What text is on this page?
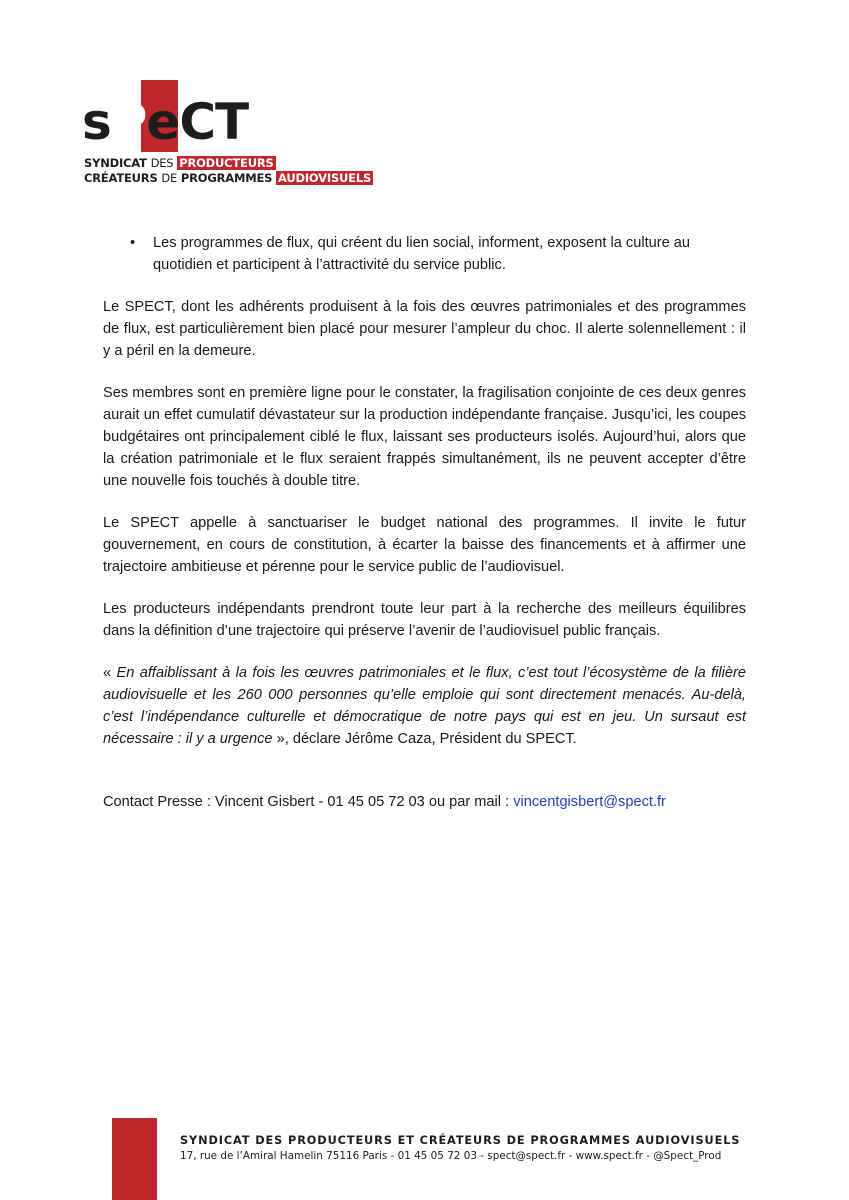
sPeCT
SYNDICAT DES PRODUCTEURS
CRÉATEURS DE PROGRAMMES AUDIOVISUELS
• Les programmes de flux, qui créent du lien social, informent, exposent la culture au quotidien et participent à l’attractivité du service public.

Le SPECT, dont les adhérents produisent à la fois des œuvres patrimoniales et des programmes de flux, est particulièrement bien placé pour mesurer l’ampleur du choc. Il alerte solennellement : il y a péril en la demeure.

Ses membres sont en première ligne pour le constater, la fragilisation conjointe de ces deux genres aurait un effet cumulatif dévastateur sur la production indépendante française. Jusqu’ici, les coupes budgétaires ont principalement ciblé le flux, laissant ses producteurs isolés. Aujourd’hui, alors que la création patrimoniale et le flux seraient frappés simultanément, ils ne peuvent accepter d’être une nouvelle fois touchés à double titre.

Le SPECT appelle à sanctuariser le budget national des programmes. Il invite le futur gouvernement, en cours de constitution, à écarter la baisse des financements et à affirmer une trajectoire ambitieuse et pérenne pour le service public de l’audiovisuel.

Les producteurs indépendants prendront toute leur part à la recherche des meilleurs équilibres dans la définition d’une trajectoire qui préserve l’avenir de l’audiovisuel public français.

« En affaiblissant à la fois les œuvres patrimoniales et le flux, c’est tout l’écosystème de la filière audiovisuelle et les 260 000 personnes qu’elle emploie qui sont directement menacés. Au-delà, c’est l’indépendance culturelle et démocratique de notre pays qui est en jeu. Un sursaut est nécessaire : il y a urgence », déclare Jérôme Caza, Président du SPECT.

Contact Presse : Vincent Gisbert - 01 45 05 72 03 ou par mail : vincentgisbert@spect.fr
SYNDICAT DES PRODUCTEURS ET CRÉATEURS DE PROGRAMMES AUDIOVISUELS
17, rue de l’Amiral Hamelin 75116 Paris - 01 45 05 72 03 - spect@spect.fr - www.spect.fr - @Spect_Prod
